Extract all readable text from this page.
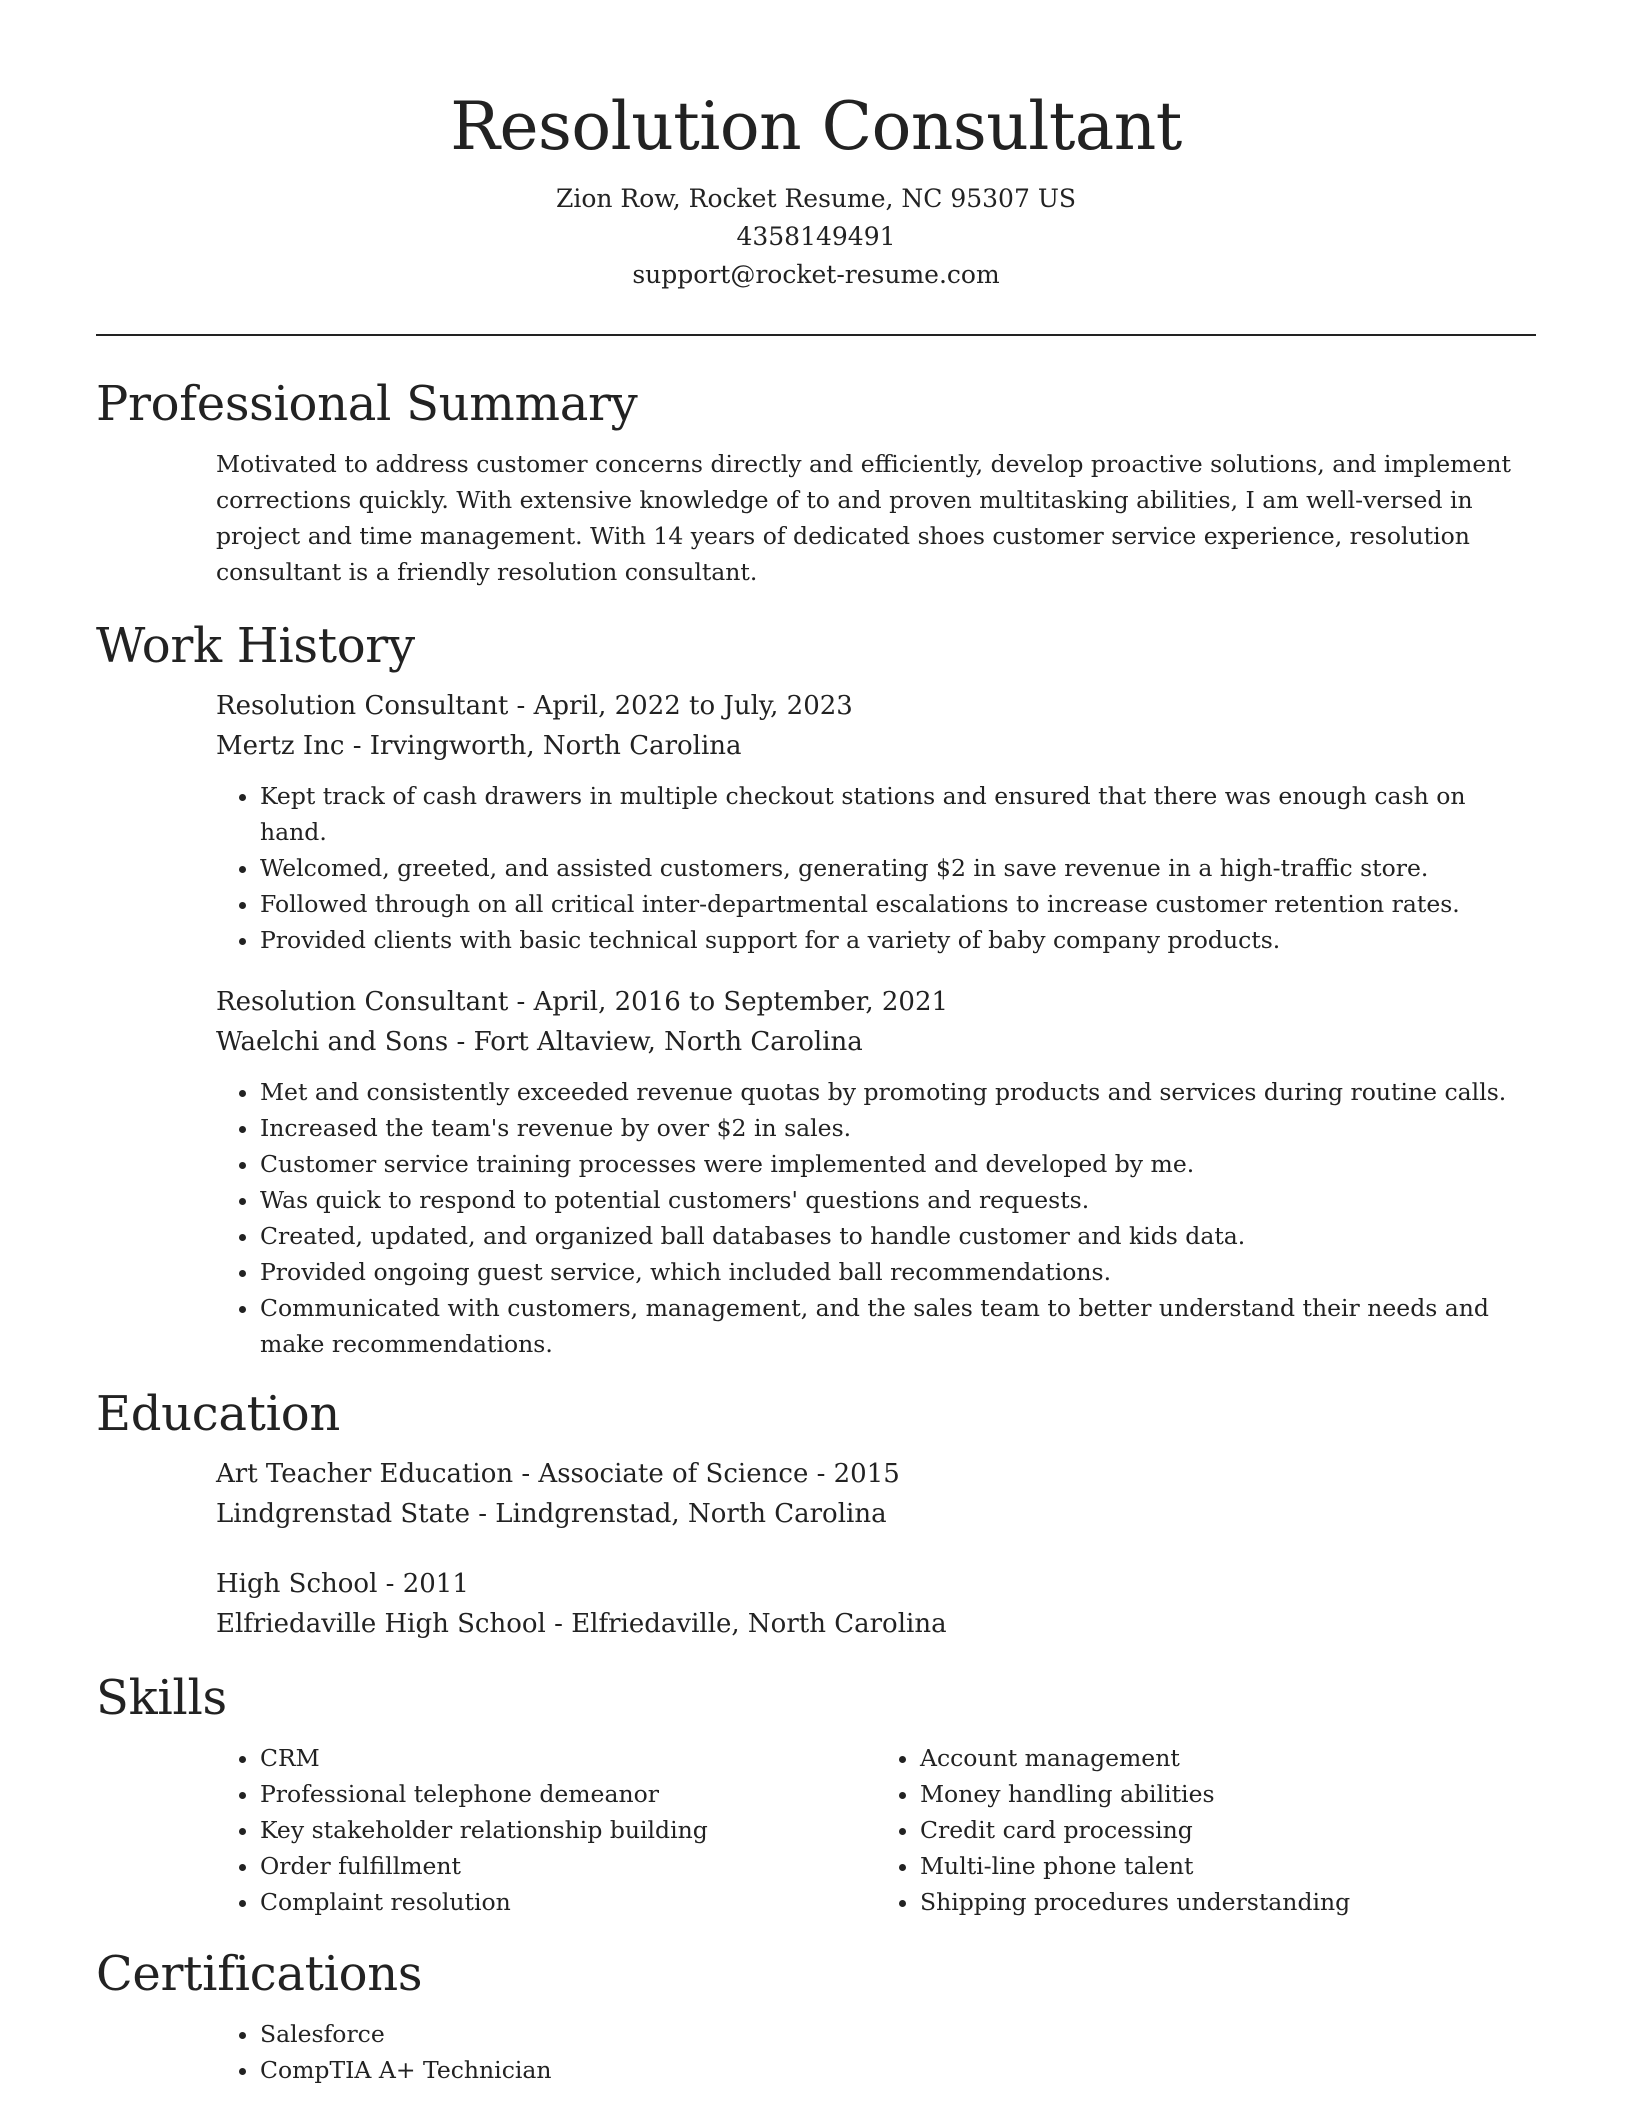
Resolution Consultant

Zion Row, Rocket Resume, NC 95307 US

4358149491

support@rocket-resume.com

Professional Summary

Motivated to address customer concerns directly and efficiently, develop proactive solutions, and implement corrections quickly. With extensive knowledge of to and proven multitasking abilities, I am well-versed in project and time management. With 14 years of dedicated shoes customer service experience, resolution consultant is a friendly resolution consultant.

Work History

Resolution Consultant - April, 2022 to July, 2023

Mertz Inc - Irvingworth, North Carolina

• Kept track of cash drawers in multiple checkout stations and ensured that there was enough cash on hand.
• Welcomed, greeted, and assisted customers, generating $2 in save revenue in a high-traffic store.
• Followed through on all critical inter-departmental escalations to increase customer retention rates.
• Provided clients with basic technical support for a variety of baby company products.

Resolution Consultant - April, 2016 to September, 2021

Waelchi and Sons - Fort Altaview, North Carolina

• Met and consistently exceeded revenue quotas by promoting products and services during routine calls.
• Increased the team's revenue by over $2 in sales.
• Customer service training processes were implemented and developed by me.
• Was quick to respond to potential customers' questions and requests.
• Created, updated, and organized ball databases to handle customer and kids data.
• Provided ongoing guest service, which included ball recommendations.
• Communicated with customers, management, and the sales team to better understand their needs and make recommendations.
Education

Art Teacher Education - Associate of Science - 2015

Lindgrenstad State - Lindgrenstad, North Carolina

High School - 2011

Elfriedaville High School - Elfriedaville, North Carolina

Skills
• CRM
• Professional telephone demeanor
• Key stakeholder relationship building
• Order fulfillment
• Complaint resolution
• Account management
• Money handling abilities
• Credit card processing
• Multi-line phone talent
• Shipping procedures understanding
Certifications
• Salesforce
• CompTIA A+ Technician
